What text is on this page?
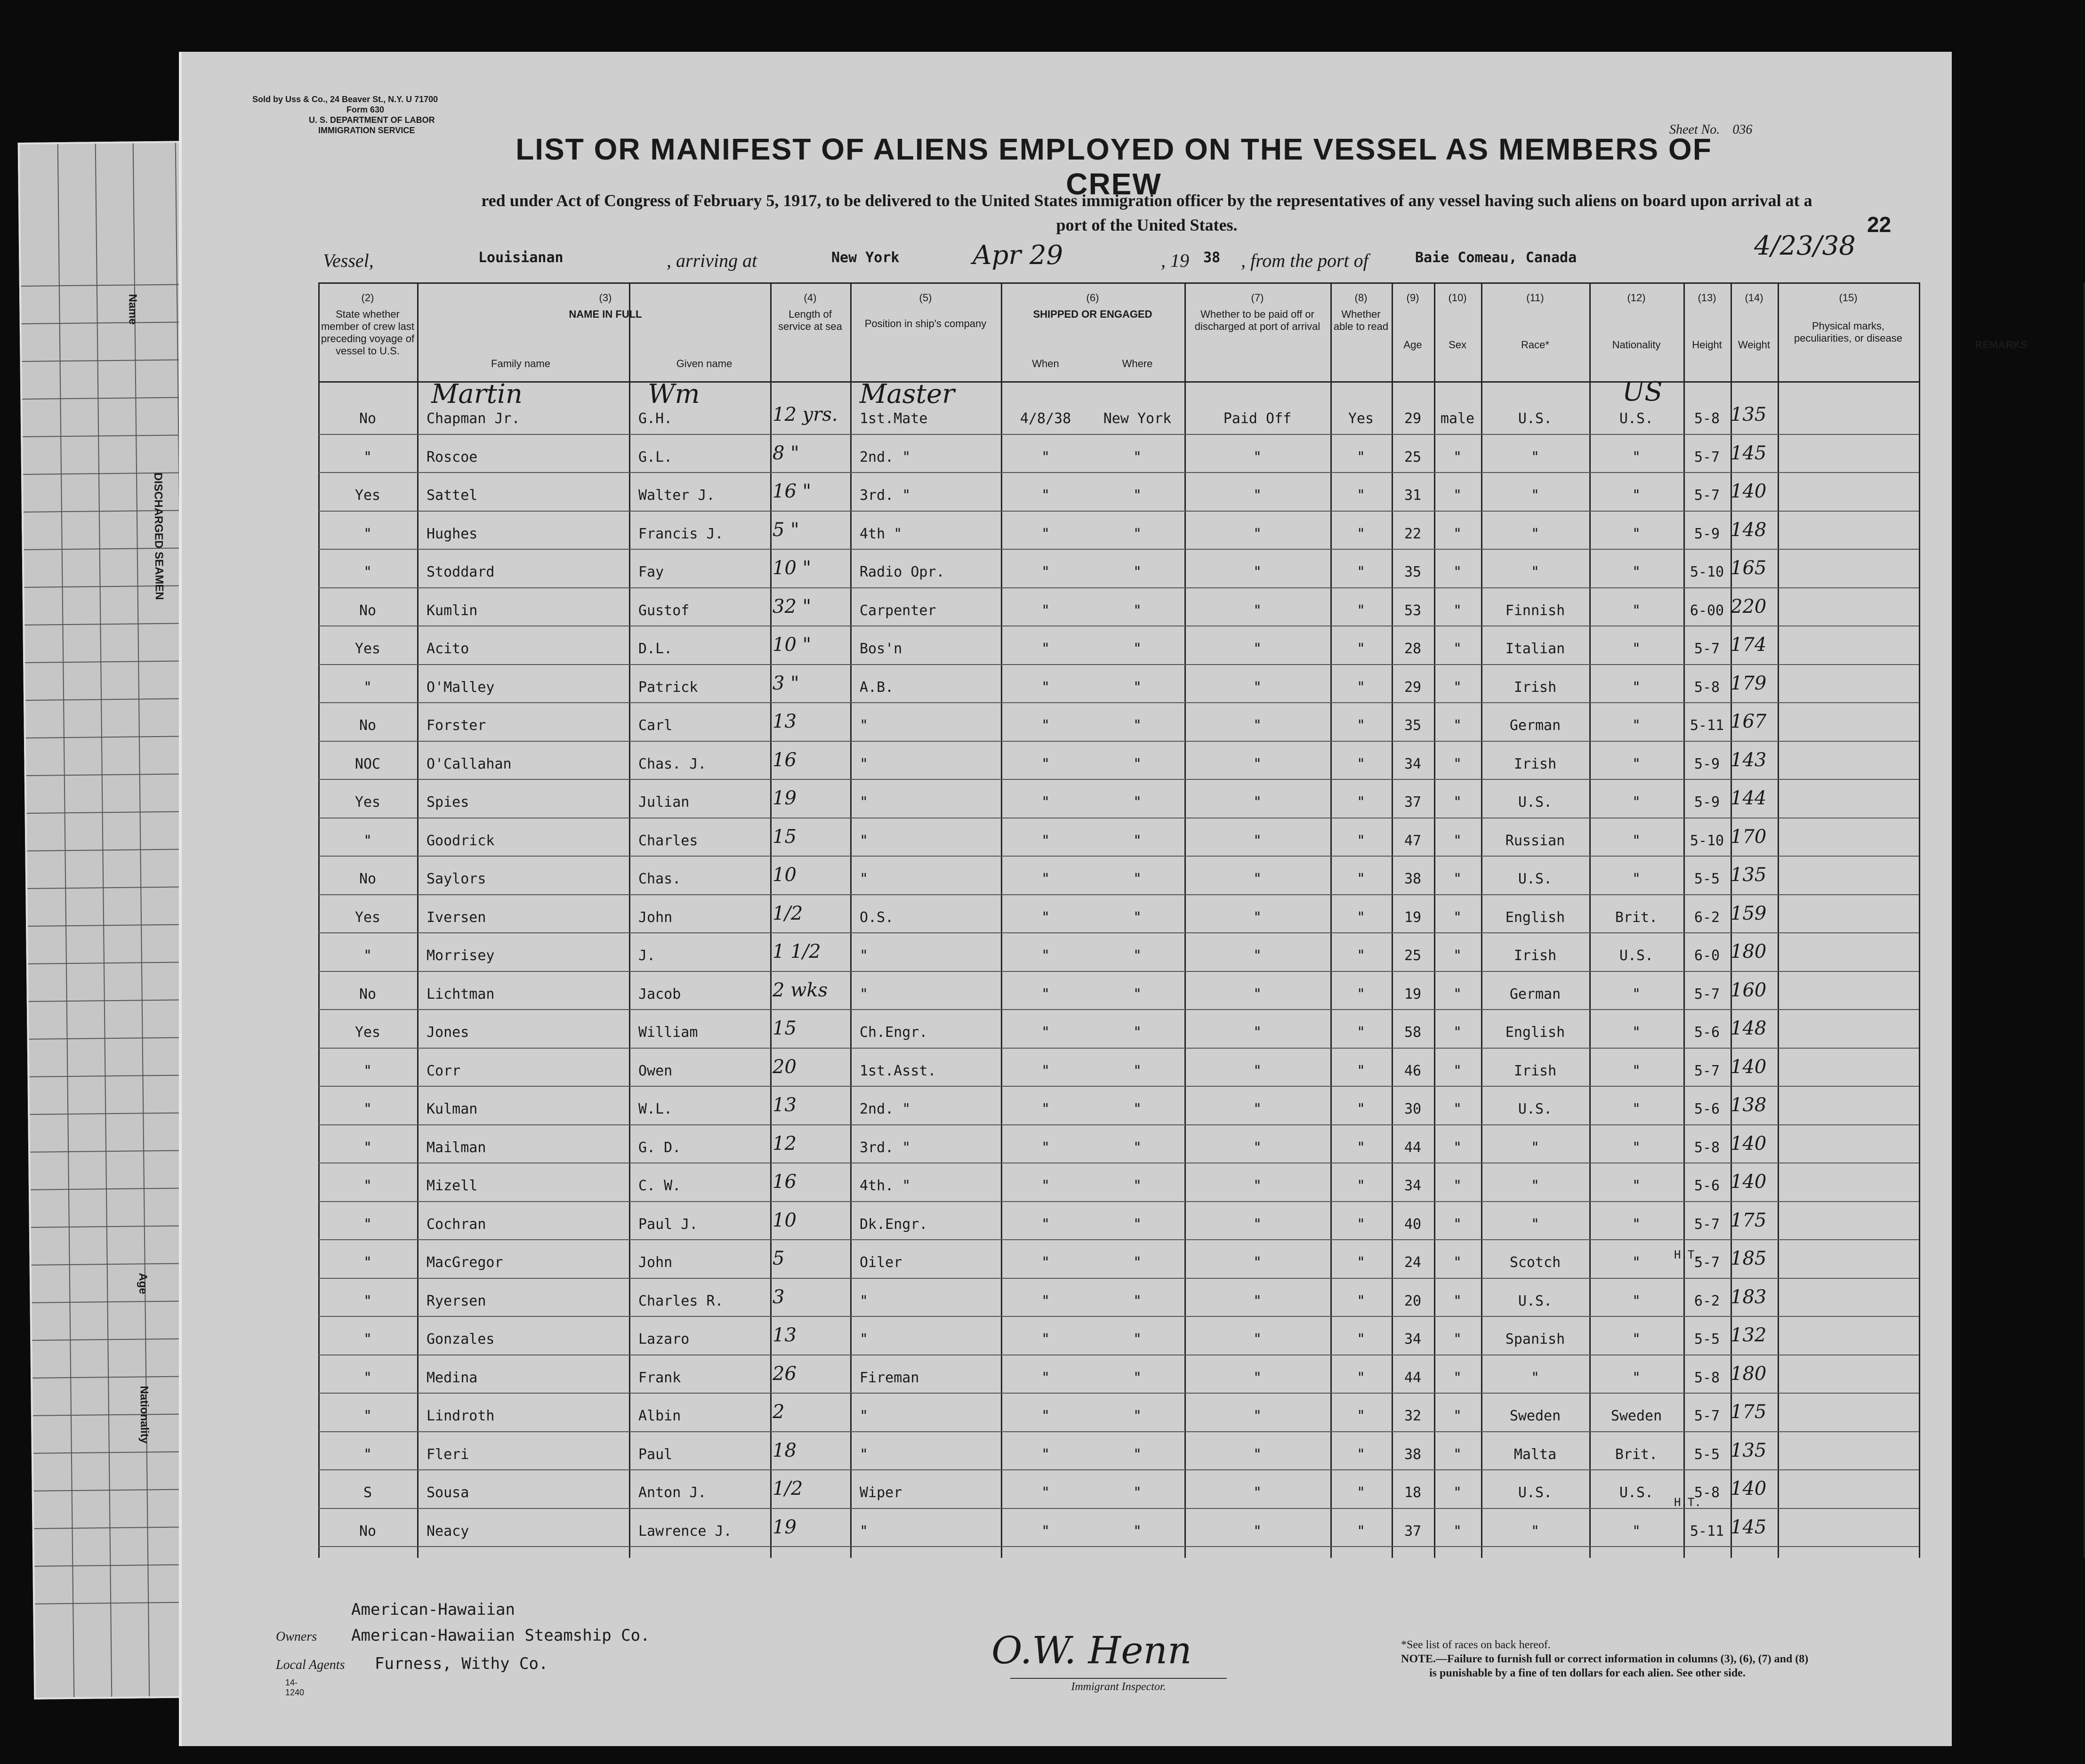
DISCHARGED SEAMEN
Name
Age
Nationality
Sold by Uss & Co., 24 Beaver St., N.Y. U 71700
Form 630
U. S. DEPARTMENT OF LABOR
IMMIGRATION SERVICE	Sheet No. 036
LIST OR MANIFEST OF ALIENS EMPLOYED ON THE VESSEL AS MEMBERS OF CREW
red under Act of Congress of February 5, 1917, to be delivered to the United States immigration officer by the representatives of any vessel having such aliens on board upon arrival at a
port of the United States.
4/23/38
22
Vessel,	Louisianan	, arriving at	New York	Apr 29	, 19 38 , from the port of	Baie Comeau, Canada
(2)
State whether member of crew last preceding voyage of vessel to U.S.
(3)
NAME IN FULL
Family name	Given name
(4)
Length of service at sea
(5)
Position in ship's company
(6)
SHIPPED OR ENGAGED
When	Where
(7)
Whether to be paid off or discharged at port of arrival
(8)
Whether able to read
(9)
Age
(10)
Sex
(11)
Race*
(12)
Nationality
(13)
Height
(14)
Weight
(15)
Physical marks, peculiarities, or disease
REMARKS
Martin	Wm	Master	US
No	Chapman Jr.	G.H.	12 yrs.	1st.Mate	4/8/38	New York	Paid Off	Yes	29	male	U.S.	U.S.	5-8 135
"	Roscoe	G.L.	8 "	2nd. "	"	"	"	"	25	"	"	"	5-7 145
Yes	Sattel	Walter J.	16 "	3rd. "	"	"	"	"	31	"	"	"	5-7 140
"	Hughes	Francis J.	5 "	4th "	"	"	"	"	22	"	"	"	5-9 148
"	Stoddard	Fay	10 "	Radio Opr.	"	"	"	"	35	"	"	"	5-10 165
No	Kumlin	Gustof	32 "	Carpenter	"	"	"	"	53	"	Finnish	"	6-00 220
Yes	Acito	D.L.	10 "	Bos'n	"	"	"	"	28	"	Italian	"	5-7 174
"	O'Malley	Patrick	3 "	A.B.	"	"	"	"	29	"	Irish	"	5-8 179
No	Forster	Carl	13	"	"	"	"	"	35	"	German	"	5-11 167
NOC	O'Callahan	Chas. J.	16	"	"	"	"	"	34	"	Irish	"	5-9 143
Yes	Spies	Julian	19	"	"	"	"	"	37	"	U.S.	"	5-9 144
"	Goodrick	Charles	15	"	"	"	"	"	47	"	Russian	"	5-10 170
No	Saylors	Chas.	10	"	"	"	"	"	38	"	U.S.	"	5-5 135
Yes	Iversen	John	1/2	O.S.	"	"	"	"	19	"	English	Brit.	6-2 159
"	Morrisey	J.	1 1/2	"	"	"	"	"	25	"	Irish	U.S.	6-0 180
No	Lichtman	Jacob	2 wks	"	"	"	"	"	19	"	German	"	5-7 160
Yes	Jones	William	15	Ch.Engr.	"	"	"	"	58	"	English	"	5-6 148
"	Corr	Owen	20	1st.Asst.	"	"	"	"	46	"	Irish	"	5-7 140
"	Kulman	W.L.	13	2nd. "	"	"	"	"	30	"	U.S.	"	5-6 138
"	Mailman	G. D.	12	3rd. "	"	"	"	"	44	"	"	"	5-8 140
"	Mizell	C. W.	16	4th. "	"	"	"	"	34	"	"	"	5-6 140
"	Cochran	Paul J.	10	Dk.Engr.	"	"	"	"	40	"	"	"	5-7 175
"	MacGregor	John	5	Oiler	"	"	"	"	24	"	Scotch	"	5-7 185
"	Ryersen	Charles R.	3	"	"	"	"	"	20	"	U.S.	"	6-2 183
"	Gonzales	Lazaro	13	"	"	"	"	"	34	"	Spanish	"	5-5 132
"	Medina	Frank	26	Fireman	"	"	"	"	44	"	"	"	5-8 180
"	Lindroth	Albin	2	"	"	"	"	"	32	"	Sweden	Sweden	5-7 175
"	Fleri	Paul	18	"	"	"	"	"	38	"	Malta	Brit.	5-5 135
S	Sousa	Anton J.	1/2	Wiper	"	"	"	"	18	"	U.S.	U.S.	5-8 140
No	Neacy	Lawrence J.	19	"	"	"	"	"	37	"	"	"	5-11 145
H.T.
H.T.
American-Hawaiian
Owners American-Hawaiian Steamship Co.
Local Agents Furness, Withy Co.
14-1240
O.W. Henn
Immigrant Inspector.
*See list of races on back hereof.
NOTE.—Failure to furnish full or correct information in columns (3), (6), (7) and (8)
is punishable by a fine of ten dollars for each alien. See other side.
